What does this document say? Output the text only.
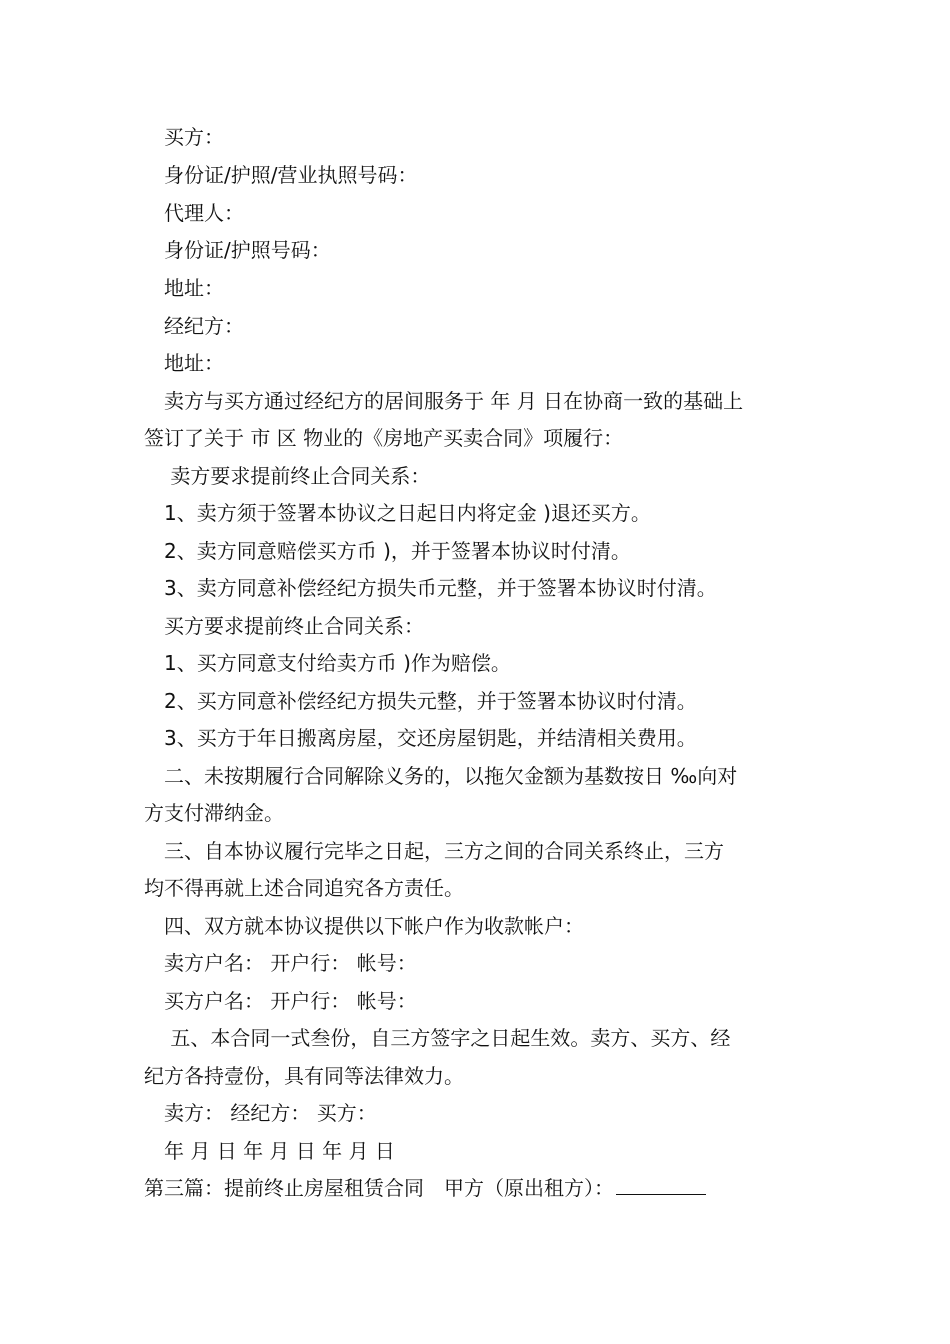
　买方：
　身份证/护照/营业执照号码：
　代理人：
　身份证/护照号码：
　地址：
　经纪方：
　地址：
　卖方与买方通过经纪方的居间服务于 年 月 日在协商一致的基础上
签订了关于 市 区 物业的《房地产买卖合同》项履行：
　 卖方要求提前终止合同关系：
　1、卖方须于签署本协议之日起日内将定金 )退还买方。
　2、卖方同意赔偿买方币 )，并于签署本协议时付清。
　3、卖方同意补偿经纪方损失币元整，并于签署本协议时付清。
　买方要求提前终止合同关系：
　1、买方同意支付给卖方币 )作为赔偿。
　2、买方同意补偿经纪方损失元整，并于签署本协议时付清。
　3、买方于年日搬离房屋，交还房屋钥匙，并结清相关费用。
　二、未按期履行合同解除义务的，以拖欠金额为基数按日 ‰向对
方支付滞纳金。
　三、自本协议履行完毕之日起，三方之间的合同关系终止，三方
均不得再就上述合同追究各方责任。
　四、双方就本协议提供以下帐户作为收款帐户：
　卖方户名： 开户行： 帐号：
　买方户名： 开户行： 帐号：
　 五、本合同一式叁份，自三方签字之日起生效。卖方、买方、经
纪方各持壹份，具有同等法律效力。
　卖方： 经纪方： 买方：
　年 月 日 年 月 日 年 月 日
第三篇：提前终止房屋租赁合同　甲方（原出租方）：
